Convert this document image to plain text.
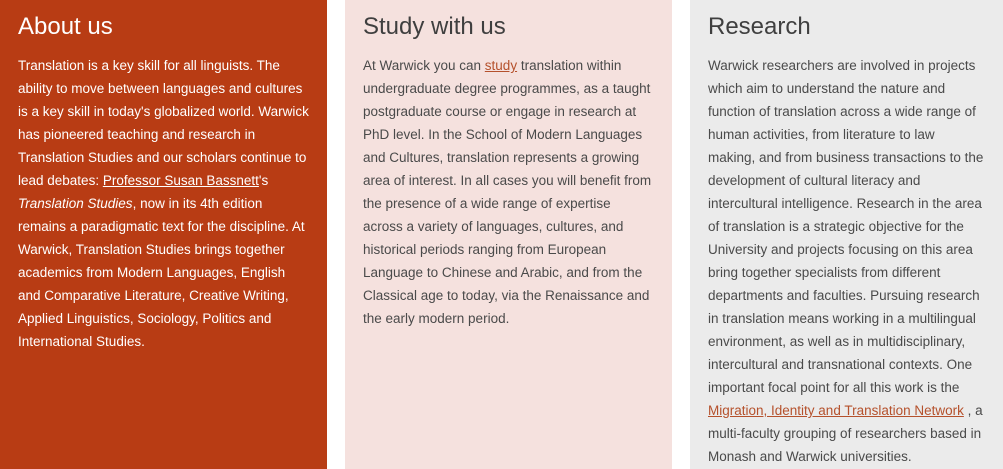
About us
Translation is a key skill for all linguists. The ability to move between languages and cultures is a key skill in today's globalized world. Warwick has pioneered teaching and research in Translation Studies and our scholars continue to lead debates: Professor Susan Bassnett's Translation Studies, now in its 4th edition remains a paradigmatic text for the discipline. At Warwick, Translation Studies brings together academics from Modern Languages, English and Comparative Literature, Creative Writing, Applied Linguistics, Sociology, Politics and International Studies.
Study with us
At Warwick you can study translation within undergraduate degree programmes, as a taught postgraduate course or engage in research at PhD level. In the School of Modern Languages and Cultures, translation represents a growing area of interest. In all cases you will benefit from the presence of a wide range of expertise across a variety of languages, cultures, and historical periods ranging from European Language to Chinese and Arabic, and from the Classical age to today, via the Renaissance and the early modern period.
Research
Warwick researchers are involved in projects which aim to understand the nature and function of translation across a wide range of human activities, from literature to law making, and from business transactions to the development of cultural literacy and intercultural intelligence. Research in the area of translation is a strategic objective for the University and projects focusing on this area bring together specialists from different departments and faculties. Pursuing research in translation means working in a multilingual environment, as well as in multidisciplinary, intercultural and transnational contexts. One important focal point for all this work is the Migration, Identity and Translation Network , a multi-faculty grouping of researchers based in Monash and Warwick universities.
